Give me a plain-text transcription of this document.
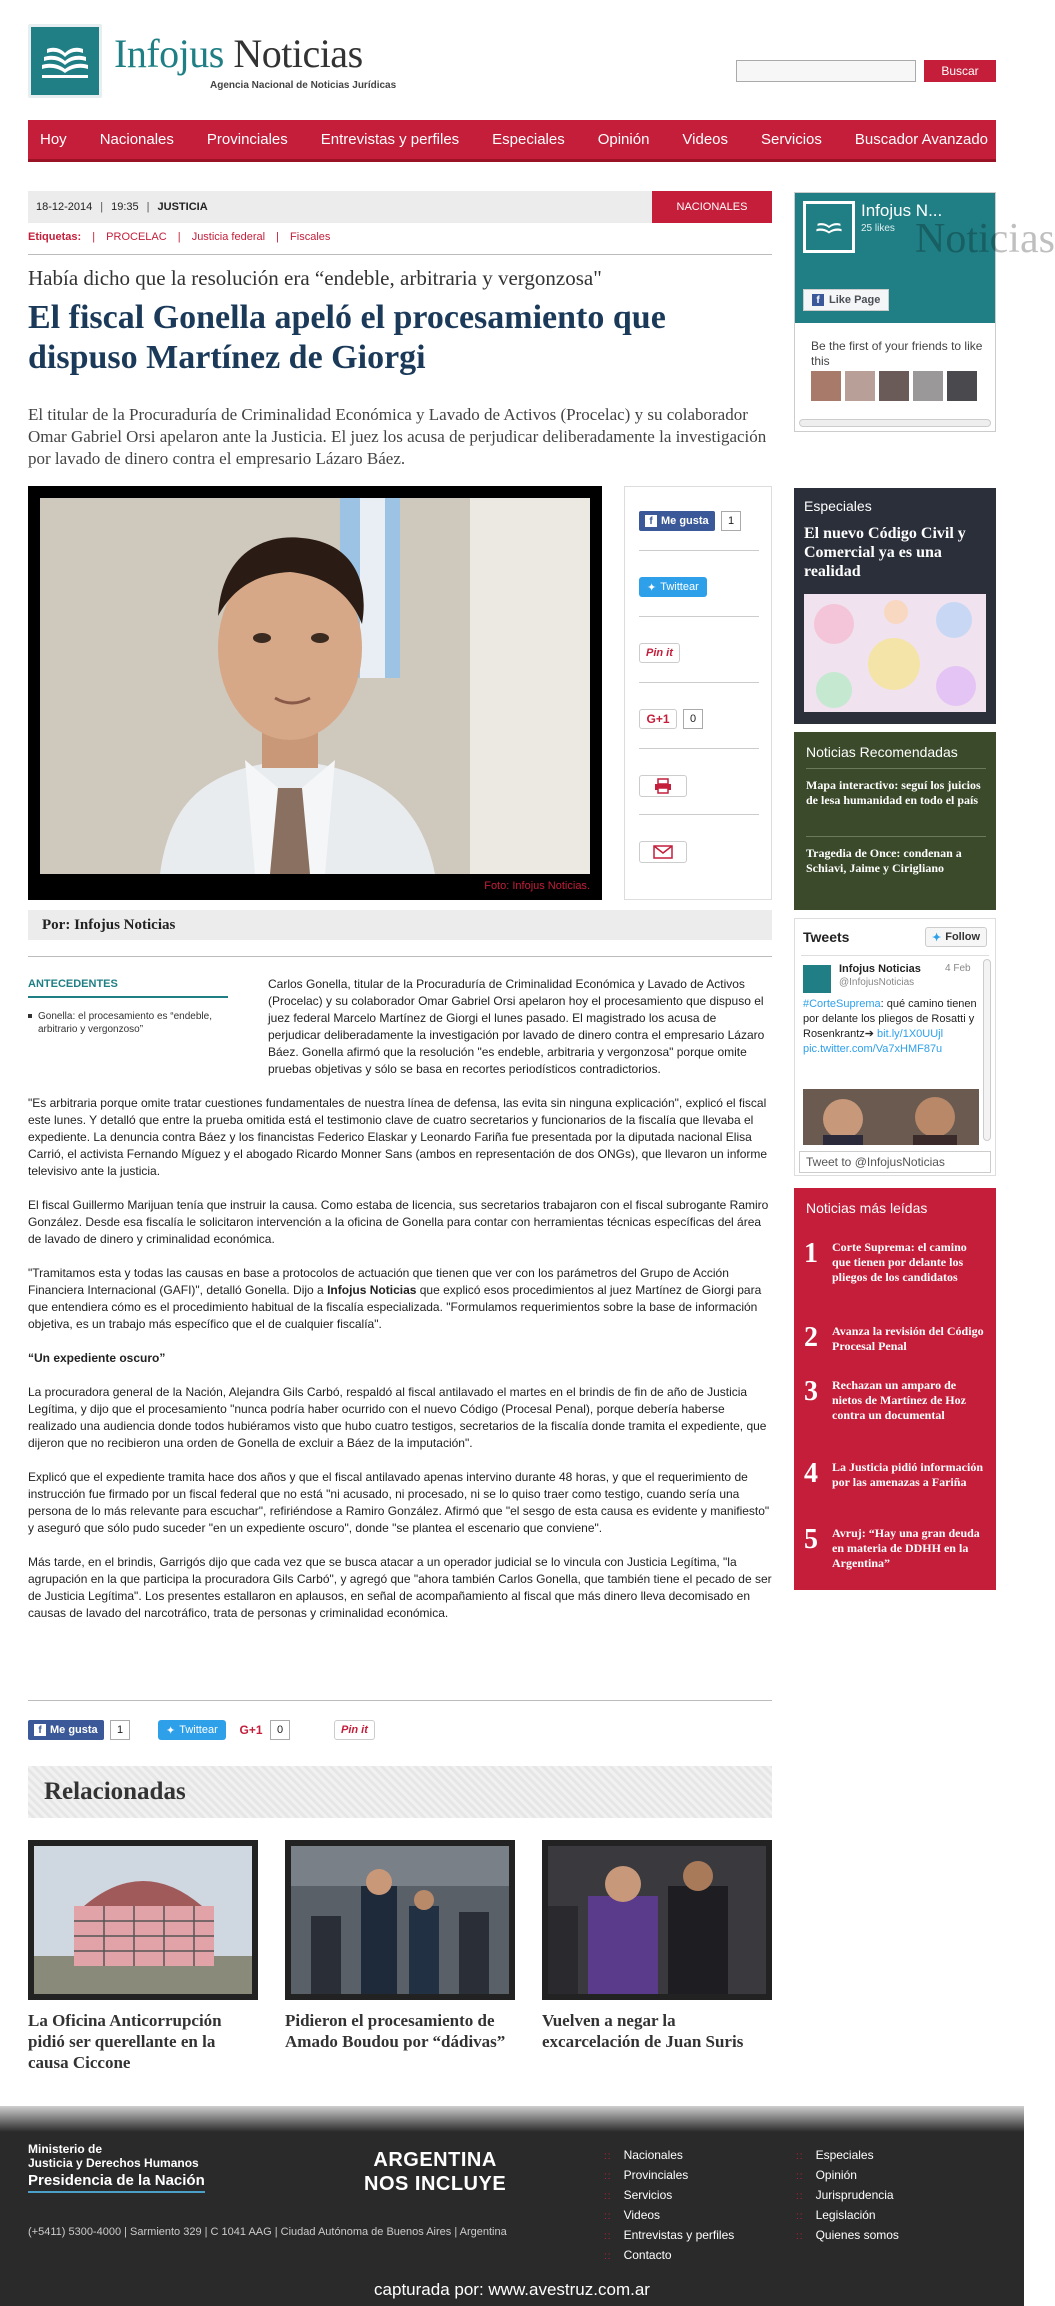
Infojus Noticias
Agencia Nacional de Noticias Jurídicas
Buscar
Hoy Nacionales Provinciales Entrevistas y perfiles Especiales Opinión Videos Servicios Buscador Avanzado
18-12-2014 | 19:35 | JUSTICIA	NACIONALES
Etiquetas: | PROCELAC | Justicia federal | Fiscales
Había dicho que la resolución era “endeble, arbitraria y vergonzosa"
El fiscal Gonella apeló el procesamiento que dispuso Martínez de Giorgi
El titular de la Procuraduría de Criminalidad Económica y Lavado de Activos (Procelac) y su colaborador Omar Gabriel Orsi apelaron ante la Justicia. El juez los acusa de perjudicar deliberadamente la investigación por lavado de dinero contra el empresario Lázaro Báez.
Foto: Infojus Noticias.
f Me gusta	1
✦ Twittear
Pin it
G+1	0
Por: Infojus Noticias

Carlos Gonella, titular de la Procuraduría de Criminalidad Económica y Lavado de Activos (Procelac) y su colaborador Omar Gabriel Orsi apelaron hoy el procesamiento que dispuso el juez federal Marcelo Martínez de Giorgi el lunes pasado. El magistrado los acusa de perjudicar deliberadamente la investigación por lavado de dinero contra el empresario Lázaro Báez. Gonella afirmó que la resolución "es endeble, arbitraria y vergonzosa" porque omite pruebas objetivas y sólo se basa en recortes periodísticos contradictorios.

"Es arbitraria porque omite tratar cuestiones fundamentales de nuestra línea de defensa, las evita sin ninguna explicación", explicó el fiscal este lunes. Y detalló que entre la prueba omitida está el testimonio clave de cuatro secretarios y funcionarios de la fiscalía que llevaba el expediente. La denuncia contra Báez y los financistas Federico Elaskar y Leonardo Fariña fue presentada por la diputada nacional Elisa Carrió, el activista Fernando Míguez y el abogado Ricardo Monner Sans (ambos en representación de dos ONGs), que llevaron un informe televisivo ante la justicia.

El fiscal Guillermo Marijuan tenía que instruir la causa. Como estaba de licencia, sus secretarios trabajaron con el fiscal subrogante Ramiro González. Desde esa fiscalía le solicitaron intervención a la oficina de Gonella para contar con herramientas técnicas específicas del área de lavado de dinero y criminalidad económica.

"Tramitamos esta y todas las causas en base a protocolos de actuación que tienen que ver con los parámetros del Grupo de Acción Financiera Internacional (GAFI)", detalló Gonella. Dijo a Infojus Noticias que explicó esos procedimientos al juez Martínez de Giorgi para que entendiera cómo es el procedimiento habitual de la fiscalía especializada. "Formulamos requerimientos sobre la base de información objetiva, es un trabajo más específico que el de cualquier fiscalía".

“Un expediente oscuro”

La procuradora general de la Nación, Alejandra Gils Carbó, respaldó al fiscal antilavado el martes en el brindis de fin de año de Justicia Legítima, y dijo que el procesamiento "nunca podría haber ocurrido con el nuevo Código (Procesal Penal), porque debería haberse realizado una audiencia donde todos hubiéramos visto que hubo cuatro testigos, secretarios de la fiscalía donde tramita el expediente, que dijeron que no recibieron una orden de Gonella de excluir a Báez de la imputación".

Explicó que el expediente tramita hace dos años y que el fiscal antilavado apenas intervino durante 48 horas, y que el requerimiento de instrucción fue firmado por un fiscal federal que no está "ni acusado, ni procesado, ni se lo quiso traer como testigo, cuando sería una persona de lo más relevante para escuchar", refiriéndose a Ramiro González. Afirmó que "el sesgo de esta causa es evidente y manifiesto" y aseguró que sólo pudo suceder "en un expediente oscuro", donde "se plantea el escenario que conviene".

Más tarde, en el brindis, Garrigós dijo que cada vez que se busca atacar a un operador judicial se lo vincula con Justicia Legítima, "la agrupación en la que participa la procuradora Gils Carbó", y agregó que "ahora también Carlos Gonella, que también tiene el pecado de ser de Justicia Legítima". Los presentes estallaron en aplausos, en señal de acompañamiento al fiscal que más dinero lleva decomisado en causas de lavado del narcotráfico, trata de personas y criminalidad económica.

ANTECEDENTES
Gonella: el procesamiento es “endeble, arbitrario y vergonzoso”
f Me gusta	1	✦ Twittear	G+1	0	Pin it
Relacionadas
La Oficina Anticorrupción pidió ser querellante en la causa Ciccone
Pidieron el procesamiento de Amado Boudou por “dádivas”
Vuelven a negar la excarcelación de Juan Suris
Infojus N...
25 likes Noticias
f Like Page
Be the first of your friends to like this
Especiales
El nuevo Código Civil y Comercial ya es una realidad
Noticias Recomendadas
Mapa interactivo: seguí los juicios de lesa humanidad en todo el país
Tragedia de Once: condenan a Schiavi, Jaime y Cirigliano
Tweets	✦ Follow
Infojus Noticias
@InfojusNoticias
4 Feb
#CorteSuprema: qué camino tienen por delante los pliegos de Rosatti y Rosenkrantz➔ bit.ly/1X0UUjl pic.twitter.com/Va7xHMF87u
Tweet to @InfojusNoticias
Noticias más leídas
1 Corte Suprema: el camino que tienen por delante los pliegos de los candidatos
2 Avanza la revisión del Código Procesal Penal
3 Rechazan un amparo de nietos de Martínez de Hoz contra un documental
4 La Justicia pidió información por las amenazas a Fariña
5 Avruj: “Hay una gran deuda en materia de DDHH en la Argentina”
Ministerio de
Justicia y Derechos Humanos
Presidencia de la Nación
ARGENTINA
NOS INCLUYE
(+5411) 5300-4000 | Sarmiento 329 | C 1041 AAG | Ciudad Autónoma de Buenos Aires | Argentina
:: Nacionales
:: Provinciales
:: Servicios
:: Videos
:: Entrevistas y perfiles
:: Contacto
:: Especiales
:: Opinión
:: Jurisprudencia
:: Legislación
:: Quienes somos
capturada por: www.avestruz.com.ar
